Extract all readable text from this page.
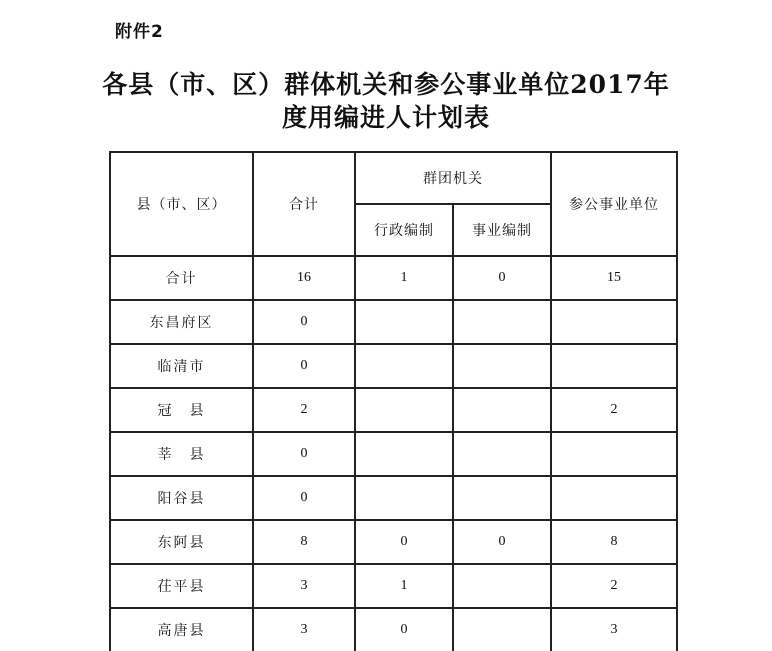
附件2
各县（市、区）群体机关和参公事业单位2017年
度用编进人计划表
县（市、区）	合计	群团机关		参公事业单位
		行政编制	事业编制	
合计	16	1	0	15
东昌府区	0			
临清市	0			
冠　县	2			2
莘　县	0			
阳谷县	0			
东阿县	8	0	0	8
茌平县	3	1		2
高唐县	3	0		3
